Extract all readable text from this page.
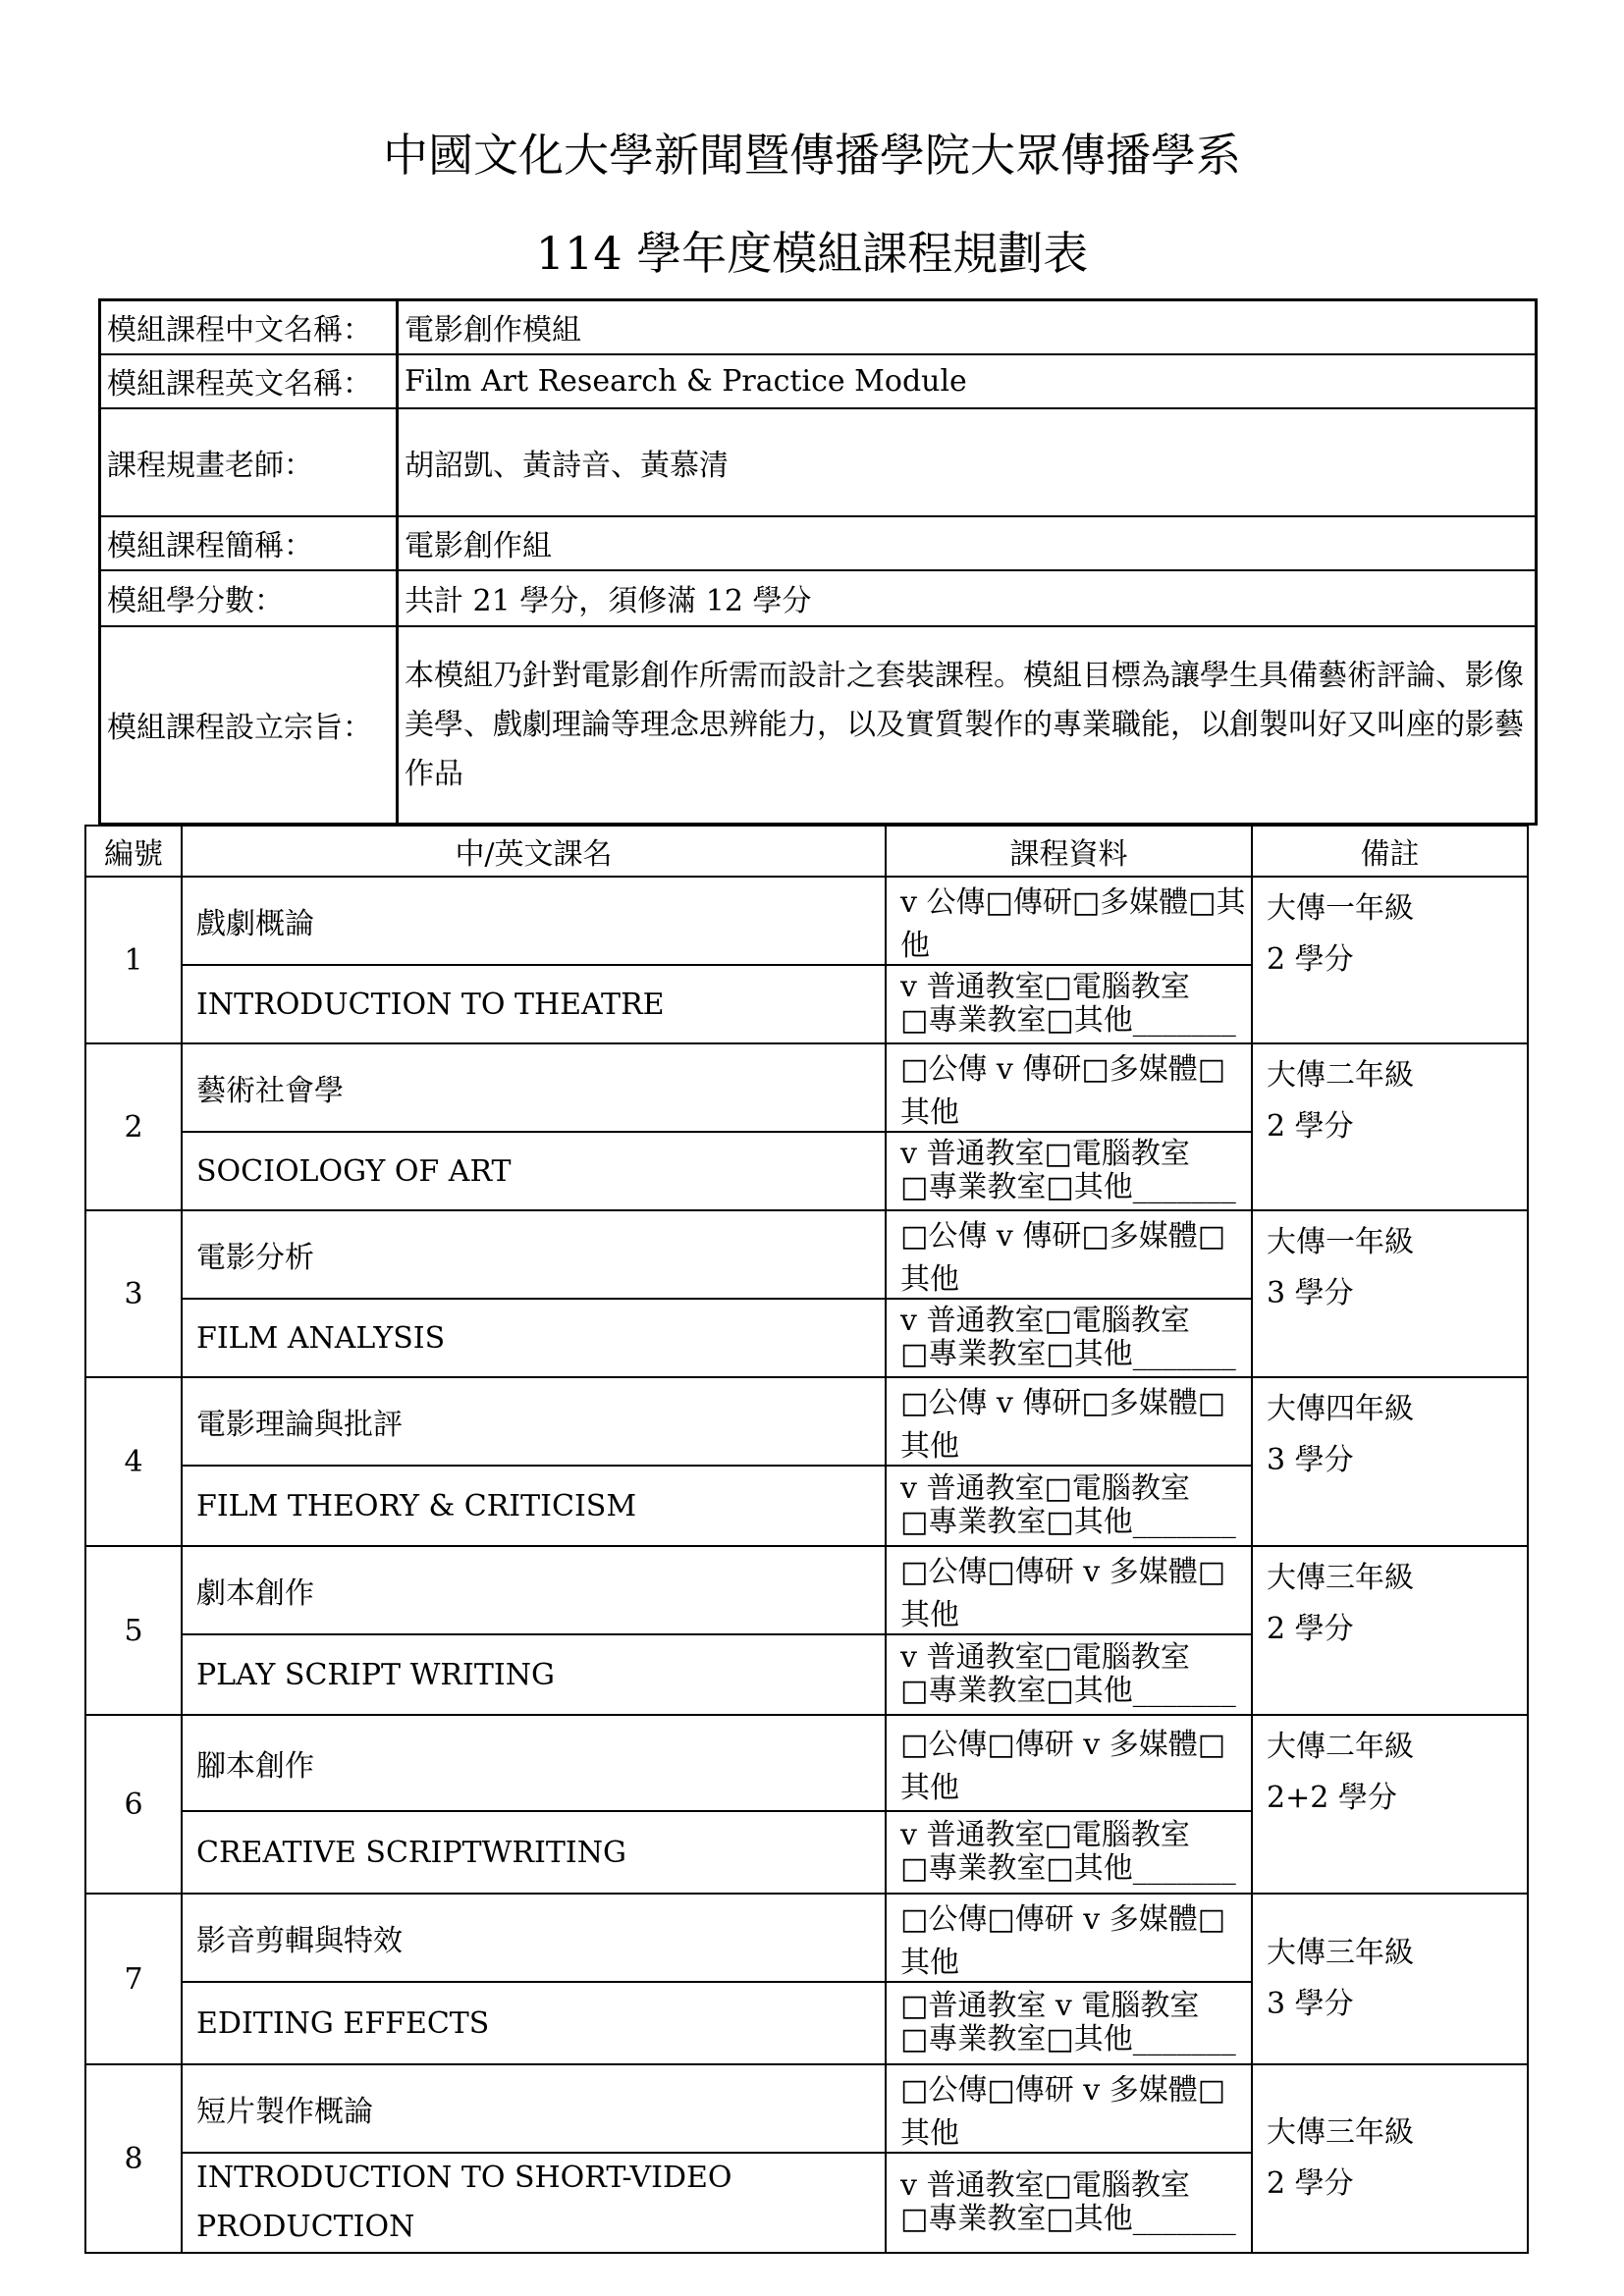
中國文化大學新聞暨傳播學院大眾傳播學系
114 學年度模組課程規劃表
模組課程中文名稱：	電影創作模組
模組課程英文名稱：	Film Art Research & Practice Module
課程規畫老師：	胡詔凱、黃詩音、黃慕清
模組課程簡稱：	電影創作組
模組學分數：	共計 21 學分，須修滿 12 學分
模組課程設立宗旨：	本模組乃針對電影創作所需而設計之套裝課程。模組目標為讓學生具備藝術評論、影像美學、戲劇理論等理念思辨能力，以及實質製作的專業職能，以創製叫好又叫座的影藝作品
編號	中/英文課名	課程資料	備註
1	戲劇概論	v 公傳□傳研□多媒體□其他	大傳一年級
2 學分

	INTRODUCTION TO THEATRE	v 普通教室□電腦教室
□專業教室□其他_______	

2	藝術社會學	□公傳 v 傳研□多媒體□其他	大傳二年級
2 學分

	SOCIOLOGY OF ART	v 普通教室□電腦教室
□專業教室□其他_______	

3	電影分析	□公傳 v 傳研□多媒體□其他	大傳一年級
3 學分

	FILM ANALYSIS	v 普通教室□電腦教室
□專業教室□其他_______	

4	電影理論與批評	□公傳 v 傳研□多媒體□其他	大傳四年級
3 學分

	FILM THEORY & CRITICISM	v 普通教室□電腦教室
□專業教室□其他_______	

5	劇本創作	□公傳□傳研 v 多媒體□其他	大傳三年級
2 學分

	PLAY SCRIPT WRITING	v 普通教室□電腦教室
□專業教室□其他_______	

6	腳本創作	□公傳□傳研 v 多媒體□其他	大傳二年級
2+2 學分

	CREATIVE SCRIPTWRITING	v 普通教室□電腦教室
□專業教室□其他_______	

7	影音剪輯與特效	□公傳□傳研 v 多媒體□其他	大傳三年級
3 學分

	EDITING EFFECTS	□普通教室 v 電腦教室
□專業教室□其他_______	

8	短片製作概論	□公傳□傳研 v 多媒體□其他	大傳三年級
2 學分

	INTRODUCTION TO SHORT-VIDEO PRODUCTION	v 普通教室□電腦教室
□專業教室□其他_______	
